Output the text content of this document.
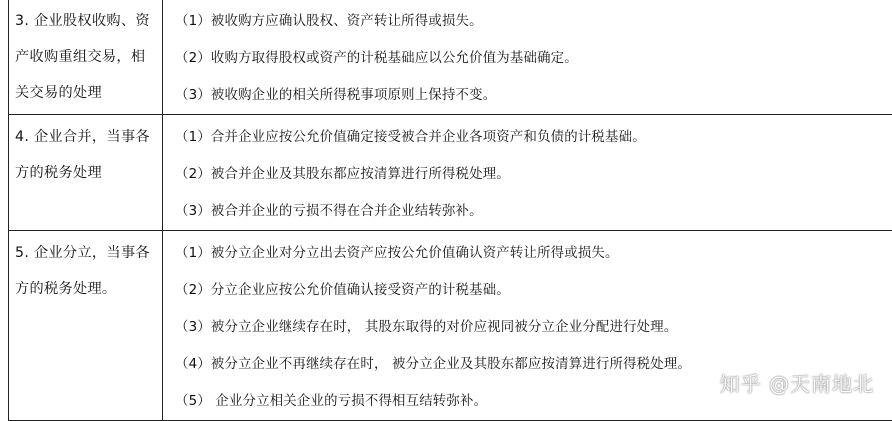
3. 企业股权收购、资产收购重组交易，相关交易的处理	（1）被收购方应确认股权、资产转让所得或损失。
（2）收购方取得股权或资产的计税基础应以公允价值为基础确定。
（3）被收购企业的相关所得税事项原则上保持不变。

4. 企业合并，当事各方的税务处理	（1）合并企业应按公允价值确定接受被合并企业各项资产和负债的计税基础。
（2）被合并企业及其股东都应按清算进行所得税处理。
（3）被合并企业的亏损不得在合并企业结转弥补。

5. 企业分立，当事各方的税务处理。	（1）被分立企业对分立出去资产应按公允价值确认资产转让所得或损失。
（2）分立企业应按公允价值确认接受资产的计税基础。
（3）被分立企业继续存在时， 其股东取得的对价应视同被分立企业分配进行处理。
（4）被分立企业不再继续存在时， 被分立企业及其股东都应按清算进行所得税处理。
（5） 企业分立相关企业的亏损不得相互结转弥补。
知乎 @天南地北
